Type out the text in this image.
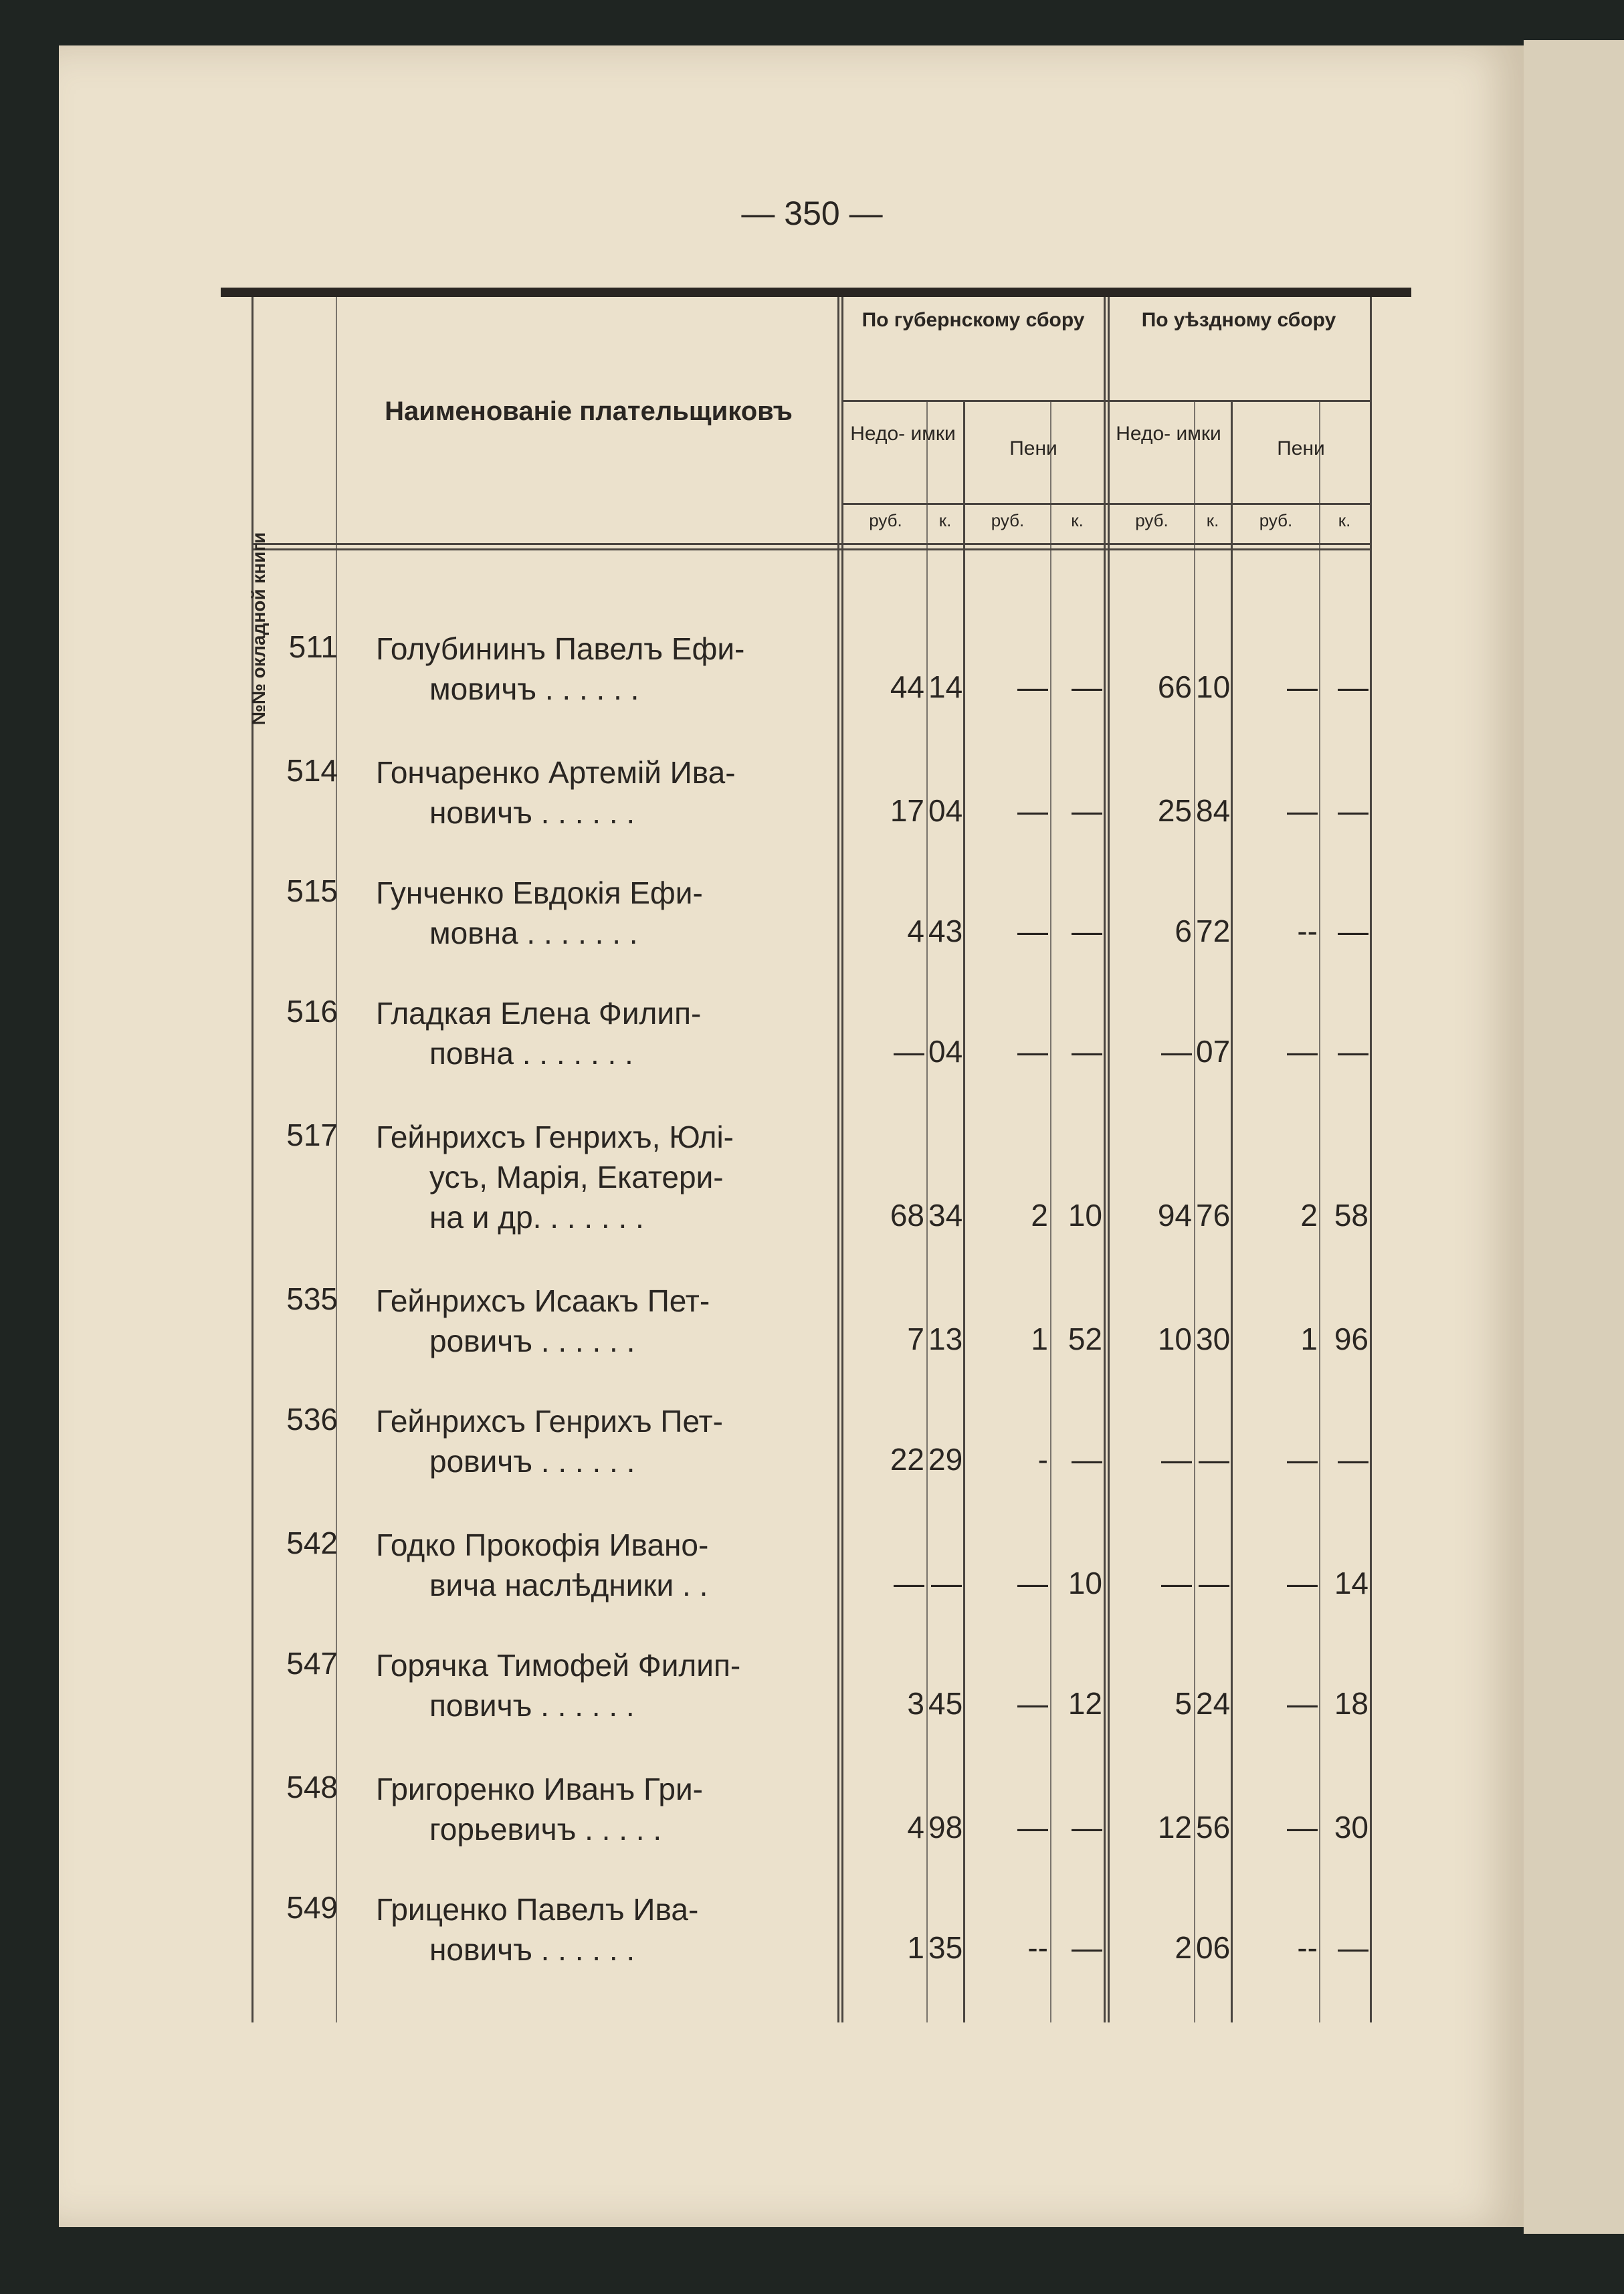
— 350 —
№№ окладной книги
Наименованіе плательщиковъ
По губернскому сбору	По уѣздному сбору
Недо- имки
Пени
Недо- имки
Пени
руб.	к.	руб.	к.	руб.	к.	руб.	к.
511 Голубининъ Павелъ Ефи-
мовичъ . . . . . .	44 14	— —	66 10	— —
514 Гончаренко Артемій Ива-
новичъ . . . . . .	17 04	— —	25 84	— —
515 Гунченко Евдокія Ефи-
мовна . . . . . . .	4 43	— —	6 72	-- —
516 Гладкая Елена Филип-
повна . . . . . . .	— 04	— —	— 07	— —
517 Гейнрихсъ Генрихъ, Юлі-
усъ, Марія, Екатери-
на и др. . . . . . .	68 34	2 10	94 76	2 58
535 Гейнрихсъ Исаакъ Пет-
ровичъ . . . . . .	7 13	1 52	10 30	1 96
536 Гейнрихсъ Генрихъ Пет-
ровичъ . . . . . .	22 29	- —	— —	— —
542 Годко Прокофія Ивано-
вича наслѣдники . .	— —	— 10	— —	— 14
547 Горячка Тимофей Филип-
повичъ . . . . . .	3 45	— 12	5 24	— 18
548 Григоренко Иванъ Гри-
горьевичъ . . . . .	4 98	— —	12 56	— 30
549 Гриценко Павелъ Ива-
новичъ . . . . . .	1 35	-- —	2 06	-- —
